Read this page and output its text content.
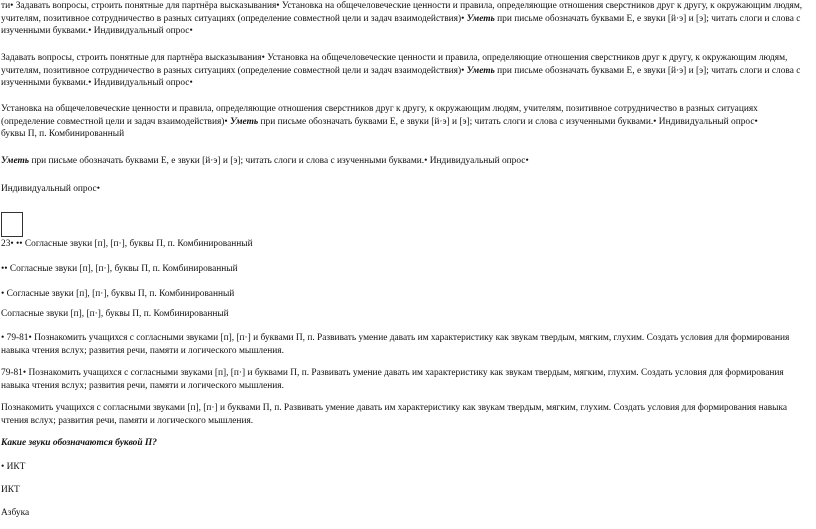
ти• Задавать вопросы, строить понятные для партнёра высказывания• Установка на общечеловеческие ценности и правила, определяющие отношения сверстников друг к другу, к окружающим людям, учителям, позитивное сотрудничество в разных ситуациях (определение совместной цели и задач взаимодействия)• Уметь при письме обозначать буквами Е, е звуки [й·э] и [э]; читать слоги и слова с изученными буквами.• Индивидуальный опрос•

Задавать вопросы, строить понятные для партнёра высказывания• Установка на общечеловеческие ценности и правила, определяющие отношения сверстников друг к другу, к окружающим людям, учителям, позитивное сотрудничество в разных ситуациях (определение совместной цели и задач взаимодействия)• Уметь при письме обозначать буквами Е, е звуки [й·э] и [э]; читать слоги и слова с изученными буквами.• Индивидуальный опрос•

Установка на общечеловеческие ценности и правила, определяющие отношения сверстников друг к другу, к окружающим людям, учителям, позитивное сотрудничество в разных ситуациях (определение совместной цели и задач взаимодействия)• Уметь при письме обозначать буквами Е, е звуки [й·э] и [э]; читать слоги и слова с изученными буквами.• Индивидуальный опрос•
буквы П, п. Комбинированный

Уметь при письме обозначать буквами Е, е звуки [й·э] и [э]; читать слоги и слова с изученными буквами.• Индивидуальный опрос•

Индивидуальный опрос•

23• •• Согласные звуки [п], [п·], буквы П, п. Комбинированный

•• Согласные звуки [п], [п·], буквы П, п. Комбинированный

• Согласные звуки [п], [п·], буквы П, п. Комбинированный

Согласные звуки [п], [п·], буквы П, п. Комбинированный

• 79-81• Познакомить учащихся с согласными звуками [п], [п·] и буквами П, п. Развивать умение давать им характеристику как звукам твердым, мягким, глухим. Создать условия для формирования навыка чтения вслух; развития речи, памяти и логического мышления.

79-81• Познакомить учащихся с согласными звуками [п], [п·] и буквами П, п. Развивать умение давать им характеристику как звукам твердым, мягким, глухим. Создать условия для формирования навыка чтения вслух; развития речи, памяти и логического мышления.

Познакомить учащихся с согласными звуками [п], [п·] и буквами П, п. Развивать умение давать им характеристику как звукам твердым, мягким, глухим. Создать условия для формирования навыка чтения вслух; развития речи, памяти и логического мышления.

Какие звуки обозначаются буквой П?

• ИКТ

ИКТ

Азбука
